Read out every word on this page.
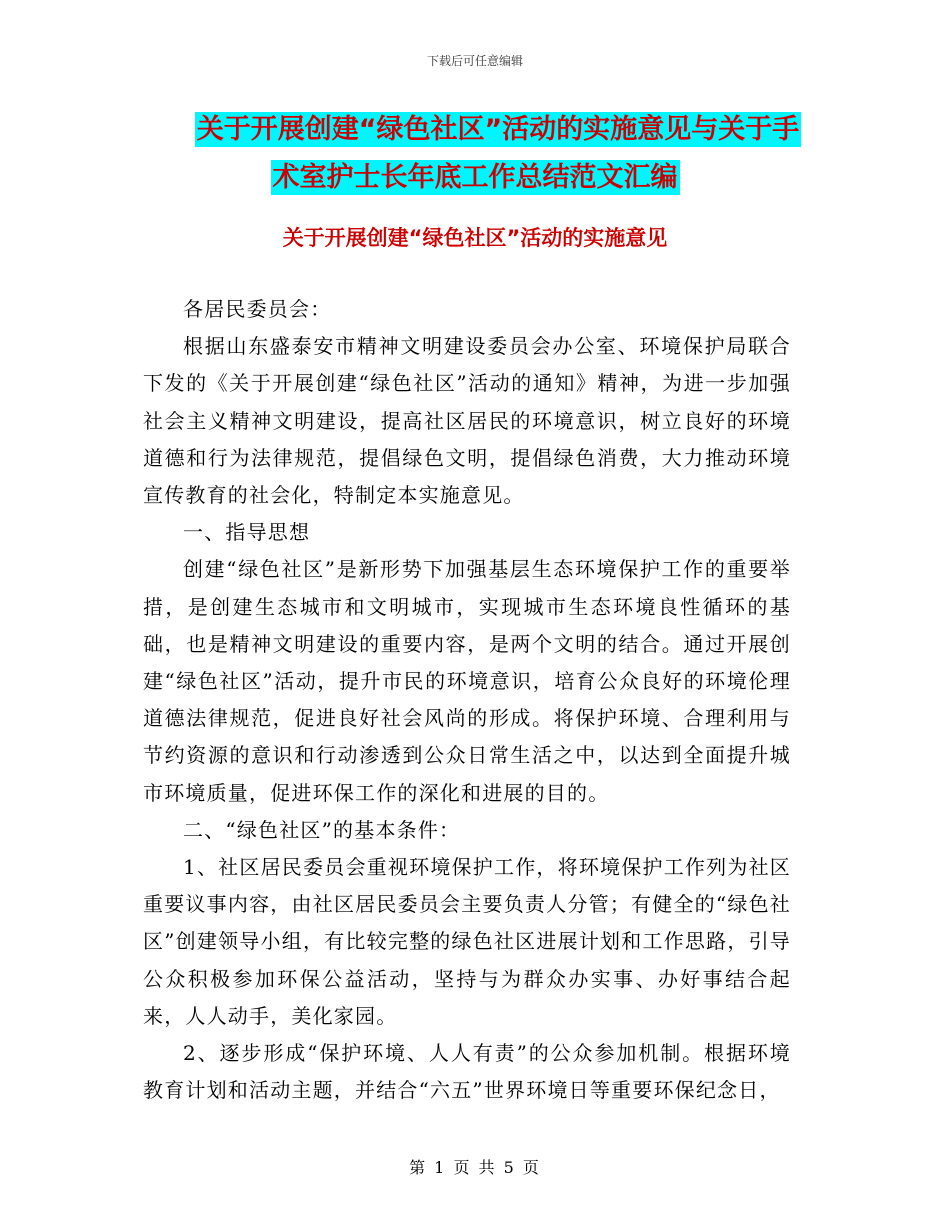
下载后可任意编辑
关于开展创建“绿色社区”活动的实施意见与关于手
术室护士长年底工作总结范文汇编
关于开展创建“绿色社区”活动的实施意见

各居民委员会：

根据山东盛泰安市精神文明建设委员会办公室、环境保护局联合下发的《关于开展创建“绿色社区”活动的通知》精神，为进一步加强社会主义精神文明建设，提高社区居民的环境意识，树立良好的环境道德和行为法律规范，提倡绿色文明，提倡绿色消费，大力推动环境宣传教育的社会化，特制定本实施意见。

一、指导思想

创建“绿色社区”是新形势下加强基层生态环境保护工作的重要举措，是创建生态城市和文明城市，实现城市生态环境良性循环的基础，也是精神文明建设的重要内容，是两个文明的结合。通过开展创建“绿色社区”活动，提升市民的环境意识，培育公众良好的环境伦理道德法律规范，促进良好社会风尚的形成。将保护环境、合理利用与节约资源的意识和行动渗透到公众日常生活之中，以达到全面提升城市环境质量，促进环保工作的深化和进展的目的。

二、“绿色社区”的基本条件：

1、社区居民委员会重视环境保护工作，将环境保护工作列为社区重要议事内容，由社区居民委员会主要负责人分管；有健全的“绿色社区”创建领导小组，有比较完整的绿色社区进展计划和工作思路，引导公众积极参加环保公益活动，坚持与为群众办实事、办好事结合起来，人人动手，美化家园。

2、逐步形成“保护环境、人人有责”的公众参加机制。根据环境教育计划和活动主题，并结合“六五”世界环境日等重要环保纪念日，

第 1 页 共 5 页
